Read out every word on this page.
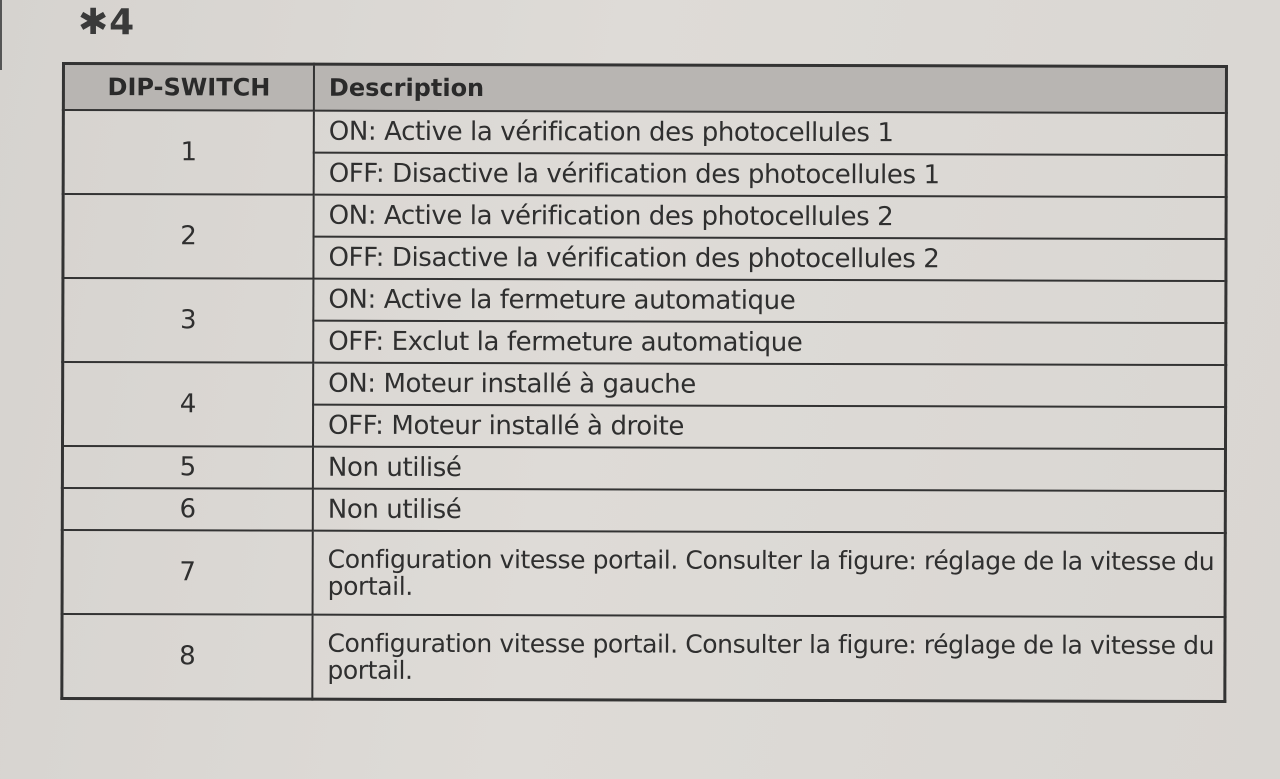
✱4
DIP-SWITCH	Description
1	ON: Active la vérification des photocellules 1
	OFF: Disactive la vérification des photocellules 1
2	ON: Active la vérification des photocellules 2
	OFF: Disactive la vérification des photocellules 2
3	ON: Active la fermeture automatique
	OFF: Exclut la fermeture automatique
4	ON: Moteur installé à gauche
	OFF: Moteur installé à droite
5	Non utilisé
6	Non utilisé
7	Configuration vitesse portail. Consulter la figure: réglage de la vitesse du portail.
8	Configuration vitesse portail. Consulter la figure: réglage de la vitesse du portail.
